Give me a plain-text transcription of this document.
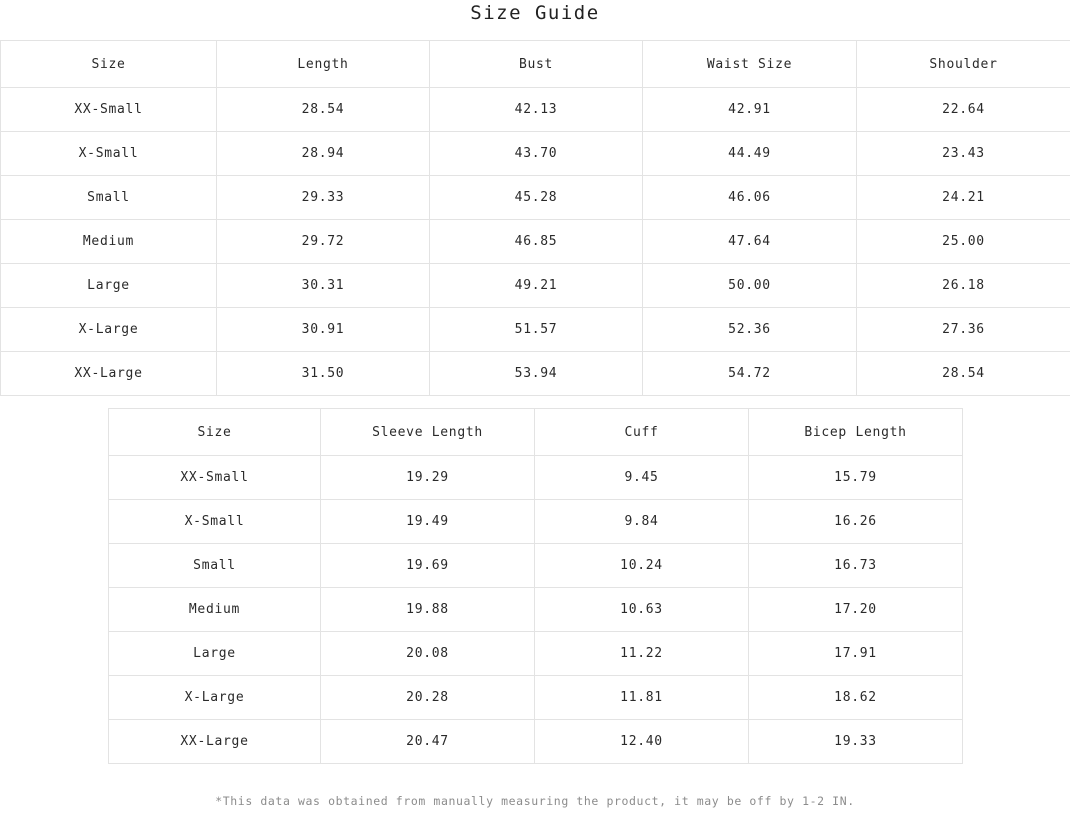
Size Guide
Size	Length	Bust	Waist Size	Shoulder
XX-Small	28.54	42.13	42.91	22.64
X-Small	28.94	43.70	44.49	23.43
Small	29.33	45.28	46.06	24.21
Medium	29.72	46.85	47.64	25.00
Large	30.31	49.21	50.00	26.18
X-Large	30.91	51.57	52.36	27.36
XX-Large	31.50	53.94	54.72	28.54
Size	Sleeve Length	Cuff	Bicep Length
XX-Small	19.29	9.45	15.79
X-Small	19.49	9.84	16.26
Small	19.69	10.24	16.73
Medium	19.88	10.63	17.20
Large	20.08	11.22	17.91
X-Large	20.28	11.81	18.62
XX-Large	20.47	12.40	19.33
*This data was obtained from manually measuring the product, it may be off by 1-2 IN.
